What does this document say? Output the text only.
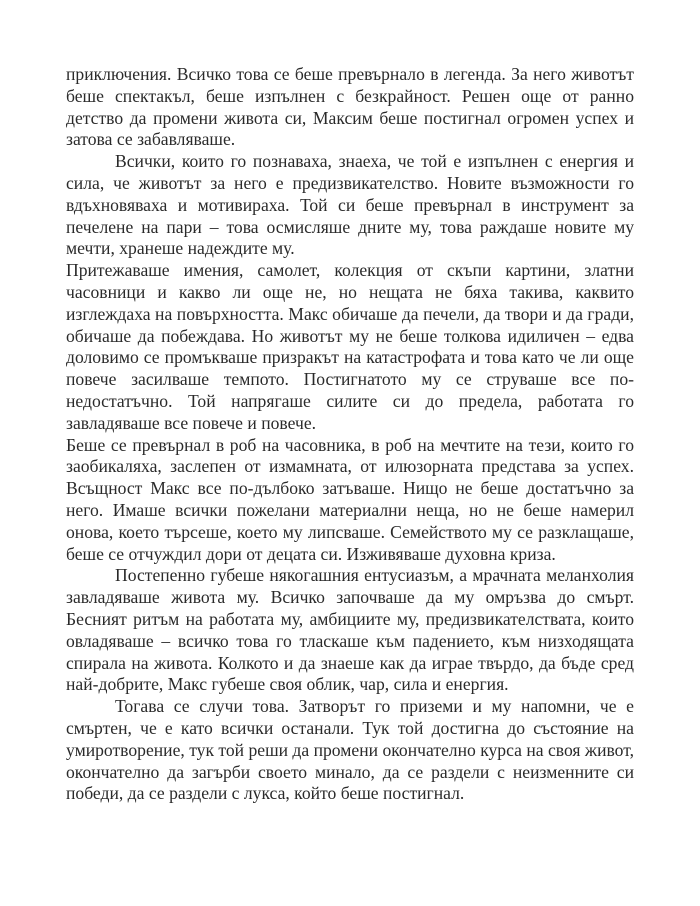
приключения. Всичко това се беше превърнало в легенда. За него животът беше спектакъл, беше изпълнен с безкрайност. Решен още от ранно детство да промени живота си, Максим беше постигнал огромен успех и затова се забавляваше.

Всички, които го познаваха, знаеха, че той е изпълнен с енергия и сила, че животът за него е предизвикателство. Новите възможности го вдъхновяваха и мотивираха. Той си беше превърнал в инструмент за печелене на пари – това осмисляше дните му, това раждаше новите му мечти, хранеше надеждите му.

Притежаваше имения, самолет, колекция от скъпи картини, златни часовници и какво ли още не, но нещата не бяха такива, каквито изглеждаха на повърхността. Макс обичаше да печели, да твори и да гради, обичаше да побеждава. Но животът му не беше толкова идиличен – едва доловимо се промъкваше призракът на катастрофата и това като че ли още повече засилваше темпото. Постигнатото му се струваше все по-недостатъчно. Той напрягаше силите си до предела, работата го завладяваше все повече и повече.

Беше се превърнал в роб на часовника, в роб на мечтите на тези, които го заобикаляха, заслепен от измамната, от илюзорната представа за успех. Всъщност Макс все по-дълбоко затъваше. Нищо не беше достатъчно за него. Имаше всички пожелани материални неща, но не беше намерил онова, което търсеше, което му липсваше. Семейството му се разклащаше, беше се отчуждил дори от децата си. Изживяваше духовна криза.

Постепенно губеше някогашния ентусиазъм, а мрачната меланхолия завладяваше живота му. Всичко започваше да му омръзва до смърт. Бесният ритъм на работата му, амбициите му, предизвикателствата, които овладяваше – всичко това го тласкаше към падението, към низходящата спирала на живота. Колкото и да знаеше как да играе твърдо, да бъде сред най-добрите, Макс губеше своя облик, чар, сила и енергия.

Тогава се случи това. Затворът го приземи и му напомни, че е смъртен, че е като всички останали. Тук той достигна до състояние на умиротворение, тук той реши да промени окончателно курса на своя живот, окончателно да загърби своето минало, да се раздели с неизменните си победи, да се раздели с лукса, който беше постигнал.
